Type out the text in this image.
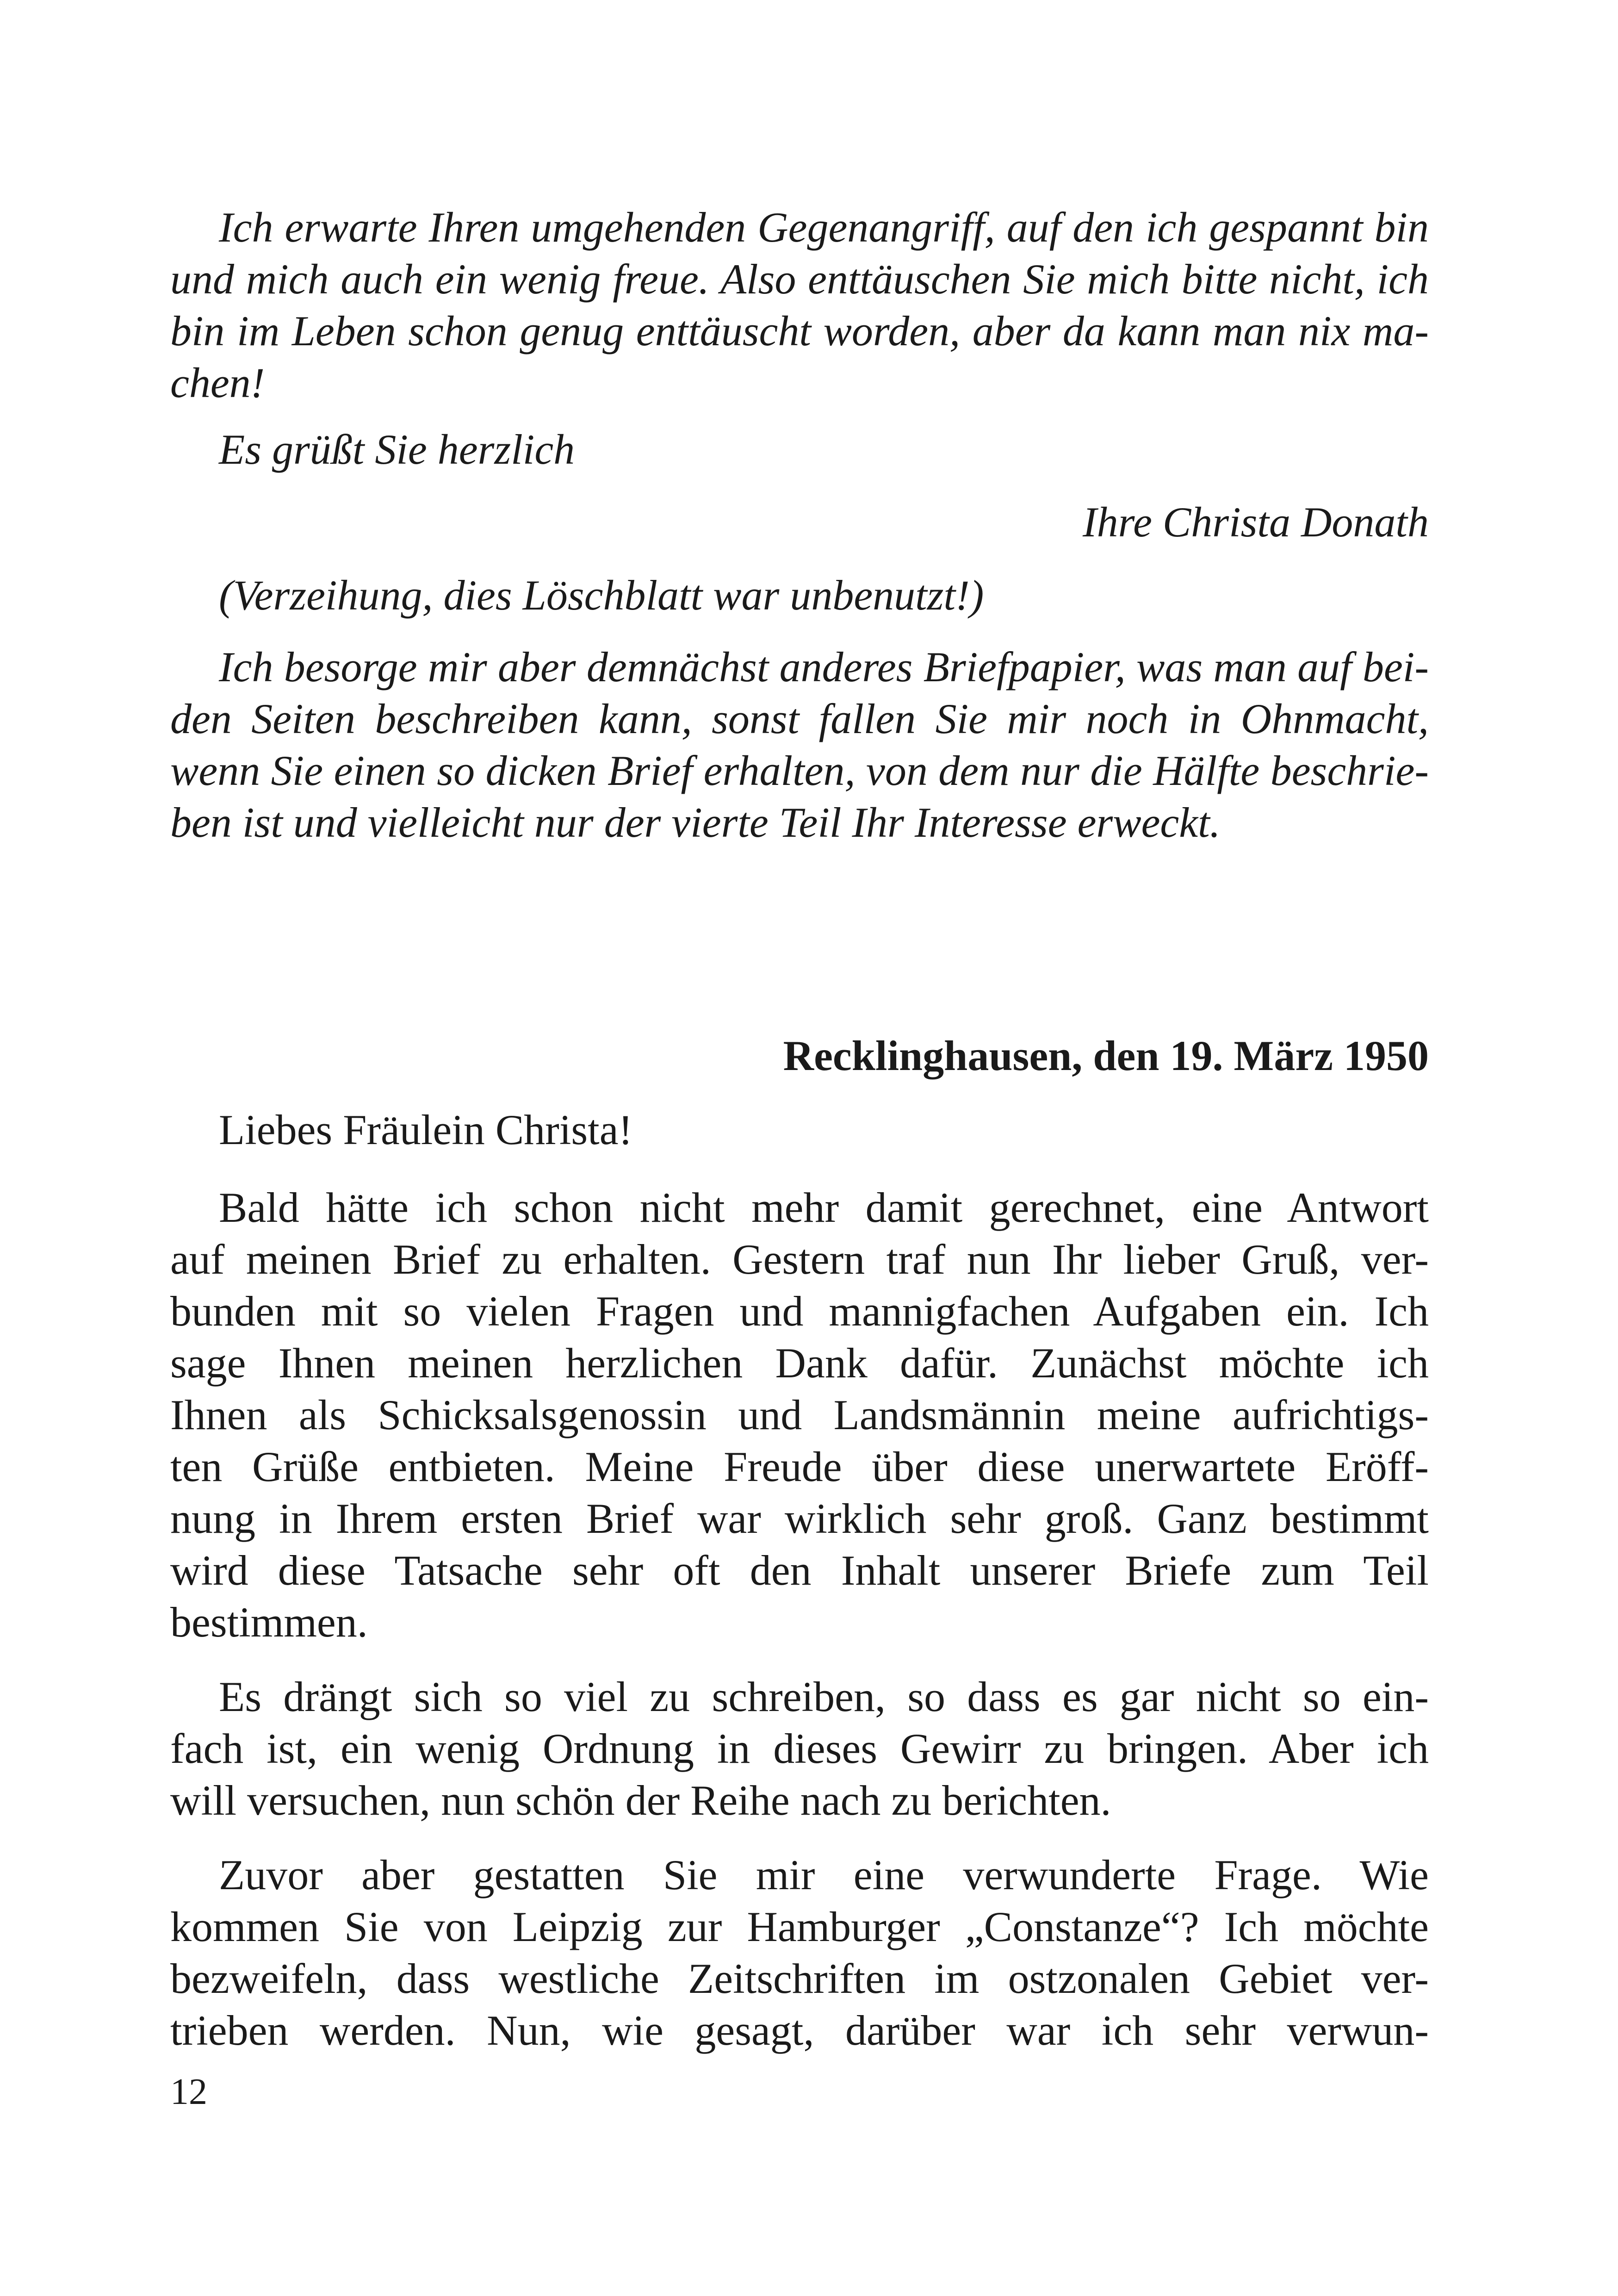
Ich erwarte Ihren umgehenden Gegenangriff, auf den ich gespannt bin
und mich auch ein wenig freue. Also enttäuschen Sie mich bitte nicht, ich
bin im Leben schon genug enttäuscht worden, aber da kann man nix ma-
chen!
Es grüßt Sie herzlich
Ihre Christa Donath
(Verzeihung, dies Löschblatt war unbenutzt!)
Ich besorge mir aber demnächst anderes Briefpapier, was man auf bei-
den Seiten beschreiben kann, sonst fallen Sie mir noch in Ohnmacht,
wenn Sie einen so dicken Brief erhalten, von dem nur die Hälfte beschrie-
ben ist und vielleicht nur der vierte Teil Ihr Interesse erweckt.
Recklinghausen, den 19. März 1950
Liebes Fräulein Christa!
Bald hätte ich schon nicht mehr damit gerechnet, eine Antwort
auf meinen Brief zu erhalten. Gestern traf nun Ihr lieber Gruß, ver-
bunden mit so vielen Fragen und mannigfachen Aufgaben ein. Ich
sage Ihnen meinen herzlichen Dank dafür. Zunächst möchte ich
Ihnen als Schicksalsgenossin und Landsmännin meine aufrichtigs-
ten Grüße entbieten. Meine Freude über diese unerwartete Eröff-
nung in Ihrem ersten Brief war wirklich sehr groß. Ganz bestimmt
wird diese Tatsache sehr oft den Inhalt unserer Briefe zum Teil
bestimmen.
Es drängt sich so viel zu schreiben, so dass es gar nicht so ein-
fach ist, ein wenig Ordnung in dieses Gewirr zu bringen. Aber ich
will versuchen, nun schön der Reihe nach zu berichten.
Zuvor aber gestatten Sie mir eine verwunderte Frage. Wie
kommen Sie von Leipzig zur Hamburger „Constanze“? Ich möchte
bezweifeln, dass westliche Zeitschriften im ostzonalen Gebiet ver-
trieben werden. Nun, wie gesagt, darüber war ich sehr verwun-
12
